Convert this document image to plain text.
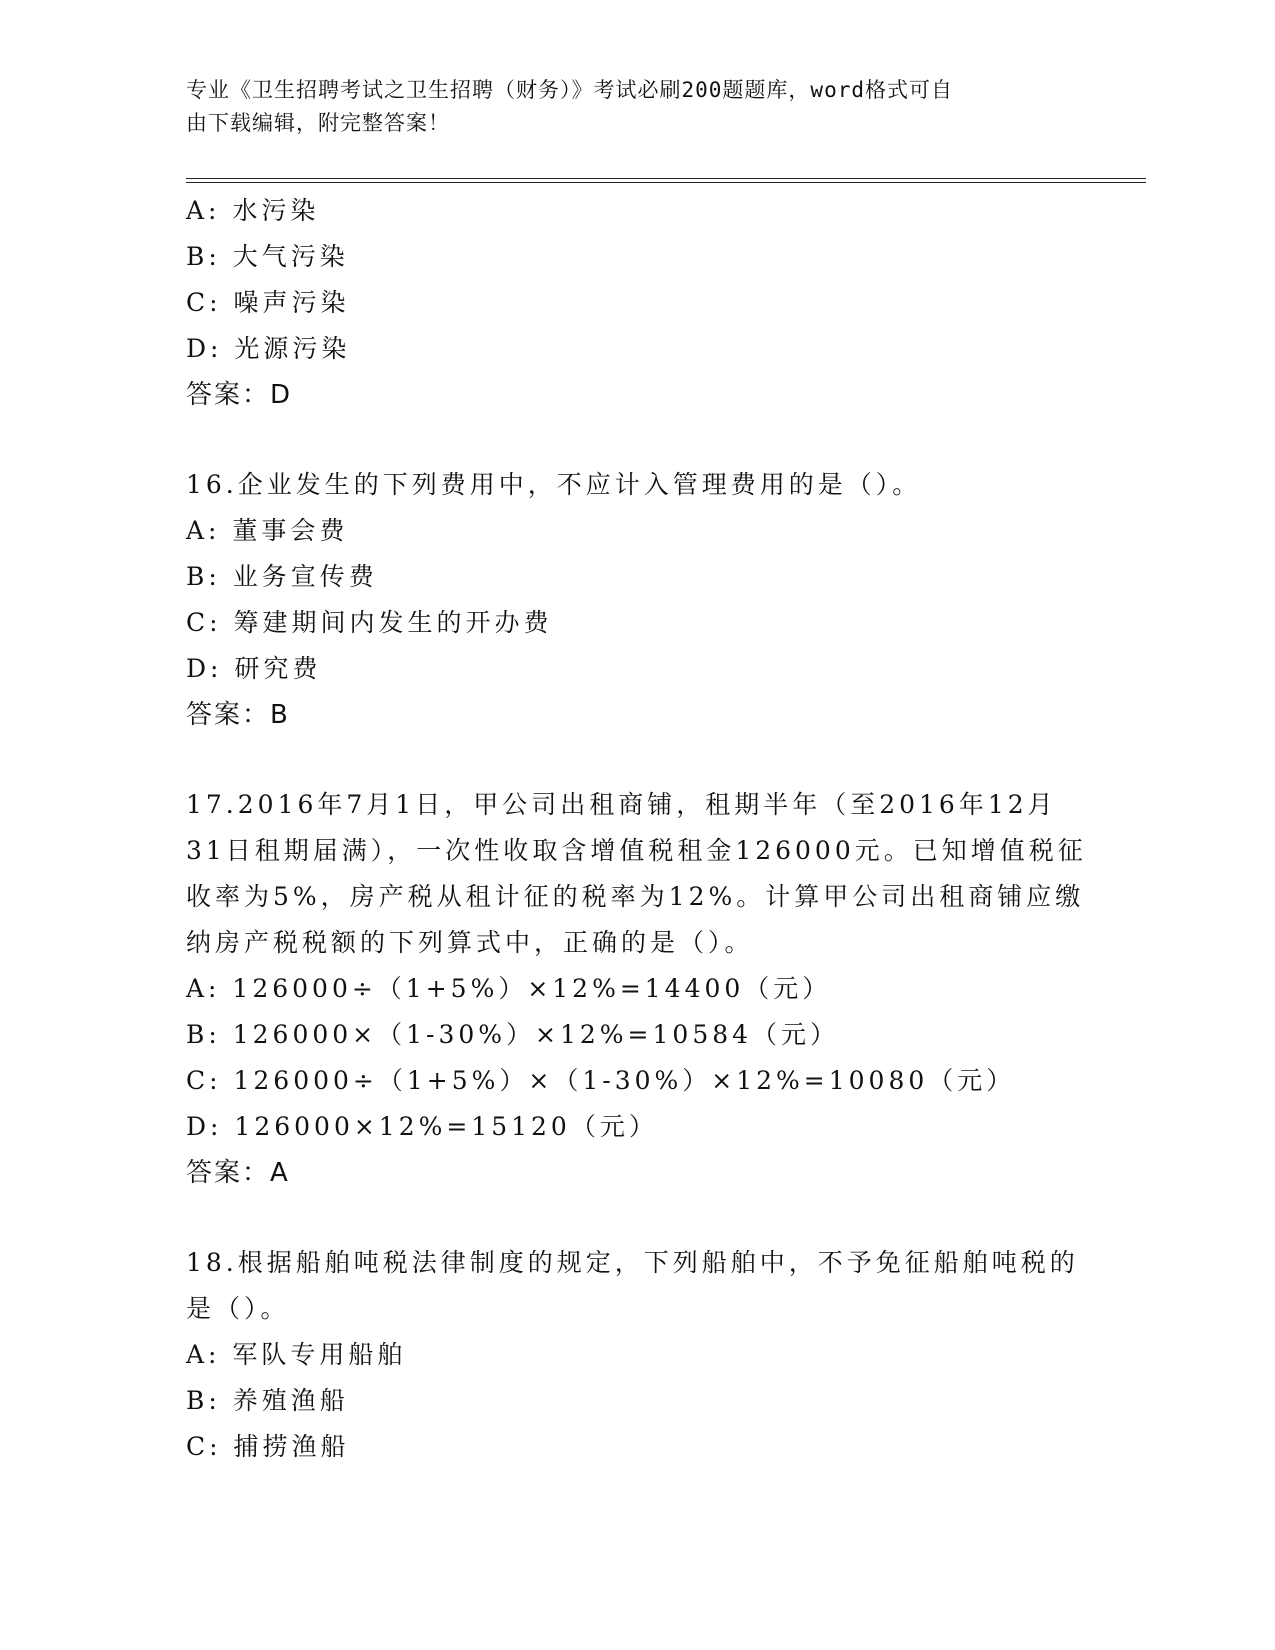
专业《卫生招聘考试之卫生招聘（财务）》考试必刷200题题库，word格式可自
由下载编辑，附完整答案！
A: 水污染
B: 大气污染
C: 噪声污染
D: 光源污染
答案：D
16.企业发生的下列费用中，不应计入管理费用的是（）。
A: 董事会费
B: 业务宣传费
C: 筹建期间内发生的开办费
D: 研究费
答案：B
17.2016年7月1日，甲公司出租商铺，租期半年（至2016年12月
31日租期届满），一次性收取含增值税租金126000元。已知增值税征
收率为5%，房产税从租计征的税率为12%。计算甲公司出租商铺应缴
纳房产税税额的下列算式中，正确的是（）。
A: 126000÷（1+5%）×12%=14400（元）
B: 126000×（1-30%）×12%=10584（元）
C: 126000÷（1+5%）×（1-30%）×12%=10080（元）
D: 126000×12%=15120（元）
答案：A
18.根据船舶吨税法律制度的规定，下列船舶中，不予免征船舶吨税的
是（）。
A: 军队专用船舶
B: 养殖渔船
C: 捕捞渔船
